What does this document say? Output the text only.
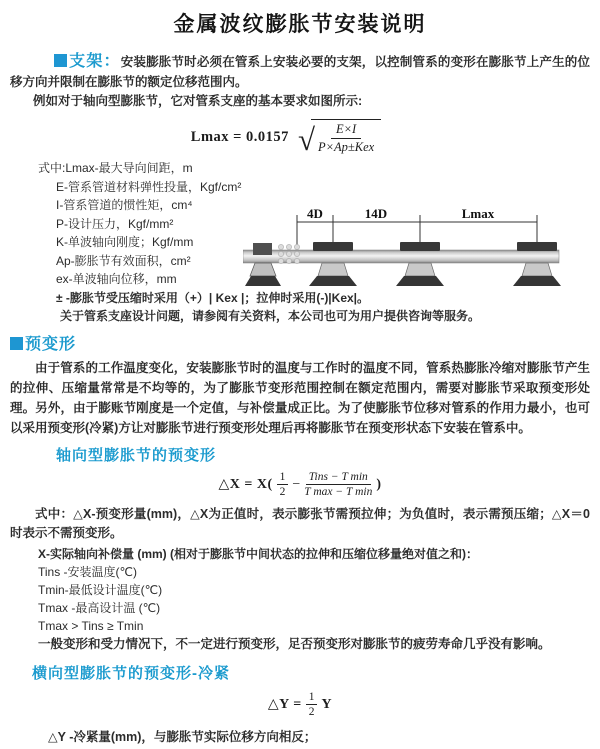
金属波纹膨胀节安装说明

支架：安装膨胀节时必须在管系上安装必要的支架，以控制管系的变形在膨胀节上产生的位移方向并限制在膨胀节的额定位移范围内。

例如对于轴向型膨胀节，它对管系支座的基本要求如图所示:

Lmax = 0.0157 √	E×I
P×Ap±Kex
式中:Lmax-最大导向间距，m
E-管系管道材料弹性投量，Kgf/cm²
I-管系管道的惯性矩，cm⁴
P-设计压力，Kgf/mm²
K-单波轴向刚度；Kgf/mm
Ap-膨胀节有效面积，cm²
ex-单波轴向位移，mm
± -膨胀节受压缩时采用（+）| Kex |；拉伸时采用(-)|Kex|。
关于管系支座设计问题，请参阅有关资料，本公司也可为用户提供咨询等服务。
4D	14D	Lmax
预变形

由于管系的工作温度变化，安装膨胀节时的温度与工作时的温度不同，管系热膨胀冷缩对膨胀节产生的拉伸、压缩量常常是不均等的，为了膨胀节变形范围控制在额定范围内，需要对膨胀节采取预变形处理。另外，由于膨账节刚度是一个定值，与补偿量成正比。为了使膨胀节位移对管系的作用力最小，也可以采用预变形(冷紧)方让对膨胀节进行预变形处理后再将膨胀节在预变形状态下安装在管系中。

轴向型膨胀节的预变形
△X = $X( \frac{1}{2}$ −
Tins − T min
T max − T min
)

式中：△X-预变形量(mm)，△X为正值时，表示膨张节需预拉伸；为负值时，表示需预压缩；△X＝0时表示不需预变形。

X-实际轴向补偿量 (mm) (相对于膨胀节中间状态的拉伸和压缩位移量绝对值之和)：
Tins -安装温度(℃)
Tmin-最低设计温度(℃)
Tmax -最高设计温 (℃)
Tmax > Tins ≥ Tmin
一般变形和受力情况下，不一定进行预变形，足否预变形对膨胀节的疲劳寿命几乎没有影响。
横向型膨胀节的预变形-冷紧
△Y = $\frac{1}{2}$ Y
△Y -冷紧量(mm)，与膨胀节实际位移方向相反；
